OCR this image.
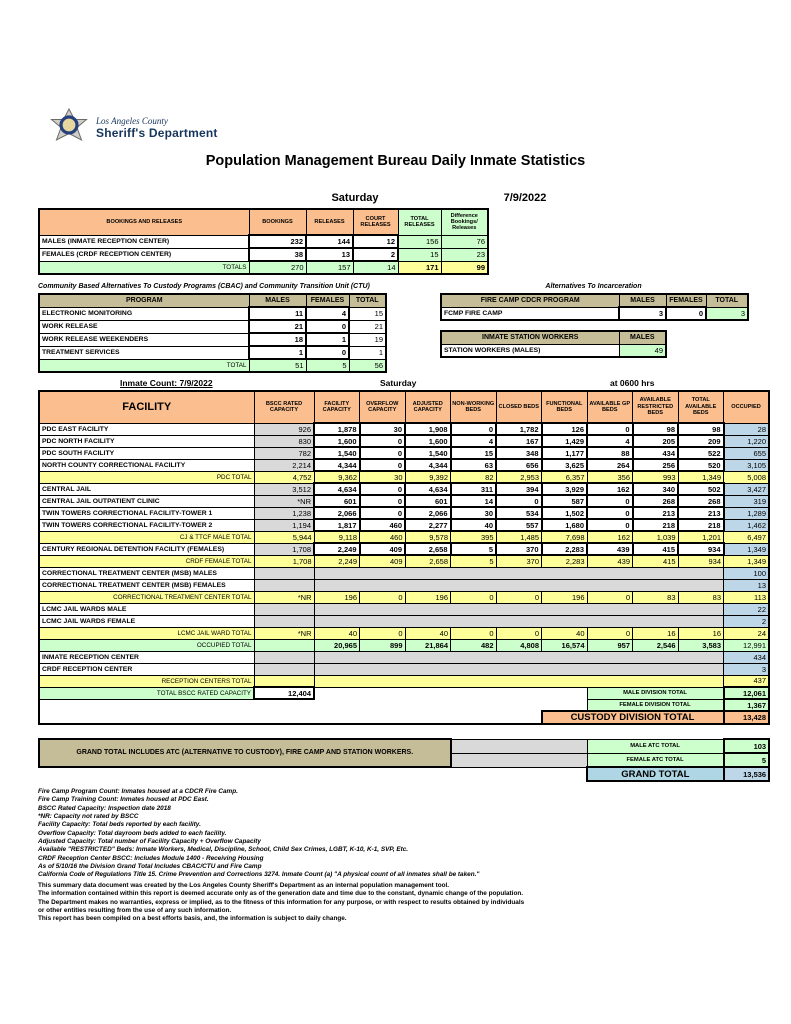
Los Angeles County
Sheriff's Department
Population Management Bureau Daily Inmate Statistics
Saturday	7/9/2022
BOOKINGS AND RELEASES	BOOKINGS	RELEASES	COURT RELEASES	TOTAL RELEASES	Difference Bookings/ Releases
MALES (INMATE RECEPTION CENTER)	232	144	12	156	76
FEMALES (CRDF RECEPTION CENTER)	38	13	2	15	23
TOTALS	270	157	14	171	99
Community Based Alternatives To Custody Programs (CBAC) and Community Transition Unit (CTU)
PROGRAM	MALES	FEMALES	TOTAL
ELECTRONIC MONITORING	11	4	15
WORK RELEASE	21	0	21
WORK RELEASE WEEKENDERS	18	1	19
TREATMENT SERVICES	1	0	1
TOTAL	51	5	56
Alternatives To Incarceration
FIRE CAMP CDCR PROGRAM	MALES	FEMALES	TOTAL
FCMP FIRE CAMP	3	0	3
INMATE STATION WORKERS	MALES
STATION WORKERS (MALES)	49
Inmate Count: 7/9/2022	Saturday	at 0600 hrs
FACILITY	BSCC RATED CAPACITY	FACILITY CAPACITY	OVERFLOW CAPACITY	ADJUSTED CAPACITY	NON-WORKING BEDS	CLOSED BEDS	FUNCTIONAL BEDS	AVAILABLE GP BEDS	AVAILABLE RESTRICTED BEDS	TOTAL AVAILABLE BEDS	OCCUPIED
PDC EAST FACILITY	926	1,878	30	1,908	0	1,782	126	0	98	98	28
PDC NORTH FACILITY	830	1,600	0	1,600	4	167	1,429	4	205	209	1,220
PDC SOUTH FACILITY	782	1,540	0	1,540	15	348	1,177	88	434	522	655
NORTH COUNTY CORRECTIONAL FACILITY	2,214	4,344	0	4,344	63	656	3,625	264	256	520	3,105
PDC TOTAL	4,752	9,362	30	9,392	82	2,953	6,357	356	993	1,349	5,008
CENTRAL JAIL	3,512	4,634	0	4,634	311	394	3,929	162	340	502	3,427
CENTRAL JAIL OUTPATIENT CLINIC	*NR	601	0	601	14	0	587	0	268	268	319
TWIN TOWERS CORRECTIONAL FACILITY-TOWER 1	1,238	2,066	0	2,066	30	534	1,502	0	213	213	1,289
TWIN TOWERS CORRECTIONAL FACILITY-TOWER 2	1,194	1,817	460	2,277	40	557	1,680	0	218	218	1,462
CJ & TTCF MALE TOTAL	5,944	9,118	460	9,578	395	1,485	7,698	162	1,039	1,201	6,497
CENTURY REGIONAL DETENTION FACILITY (FEMALES)	1,708	2,249	409	2,658	5	370	2,283	439	415	934	1,349
CRDF FEMALE TOTAL	1,708	2,249	409	2,658	5	370	2,283	439	415	934	1,349
CORRECTIONAL TREATMENT CENTER (MSB) MALES											100
CORRECTIONAL TREATMENT CENTER (MSB) FEMALES											13
CORRECTIONAL TREATMENT CENTER TOTAL	*NR	196	0	196	0	0	196	0	83	83	113
LCMC JAIL WARDS MALE											22
LCMC JAIL WARDS FEMALE											2
LCMC JAIL WARD TOTAL	*NR	40	0	40	0	0	40	0	16	16	24
OCCUPIED TOTAL		20,965	899	21,864	482	4,808	16,574	957	2,546	3,583	12,991
INMATE RECEPTION CENTER											434
CRDF RECEPTION CENTER											3
RECEPTION CENTERS TOTAL											437
TOTAL BSCC RATED CAPACITY	12,404							MALE DIVISION TOTAL			12,061
								FEMALE DIVISION TOTAL			1,367
							CUSTODY DIVISION TOTAL				13,428
GRAND TOTAL INCLUDES ATC (ALTERNATIVE TO CUSTODY), FIRE CAMP AND STATION WORKERS.		MALE ATC TOTAL	103
		FEMALE ATC TOTAL	5
		GRAND TOTAL	13,536
Fire Camp Program Count: Inmates housed at a CDCR Fire Camp.
Fire Camp Training Count: Inmates housed at PDC East.
BSCC Rated Capacity: Inspection date 2018
*NR: Capacity not rated by BSCC
Facility Capacity: Total beds reported by each facility.
Overflow Capacity: Total dayroom beds added to each facility.
Adjusted Capacity: Total number of Facility Capacity + Overflow Capacity
Available "RESTRICTED" Beds: Inmate Workers, Medical, Discipline, School, Child Sex Crimes, LGBT, K-10, K-1, SVP, Etc.
CRDF Reception Center BSCC: Includes Module 1400 - Receiving Housing
As of 5/10/16 the Division Grand Total Includes CBAC/CTU and Fire Camp
California Code of Regulations Title 15. Crime Prevention and Corrections 3274. Inmate Count (a) "A physical count of all inmates shall be taken."
This summary data document was created by the Los Angeles County Sheriff's Department as an internal population management tool.
The information contained within this report is deemed accurate only as of the generation date and time due to the constant, dynamic change of the population.
The Department makes no warranties, express or implied, as to the fitness of this information for any purpose, or with respect to results obtained by individuals
or other entities resulting from the use of any such information.
This report has been compiled on a best efforts basis, and, the information is subject to daily change.
